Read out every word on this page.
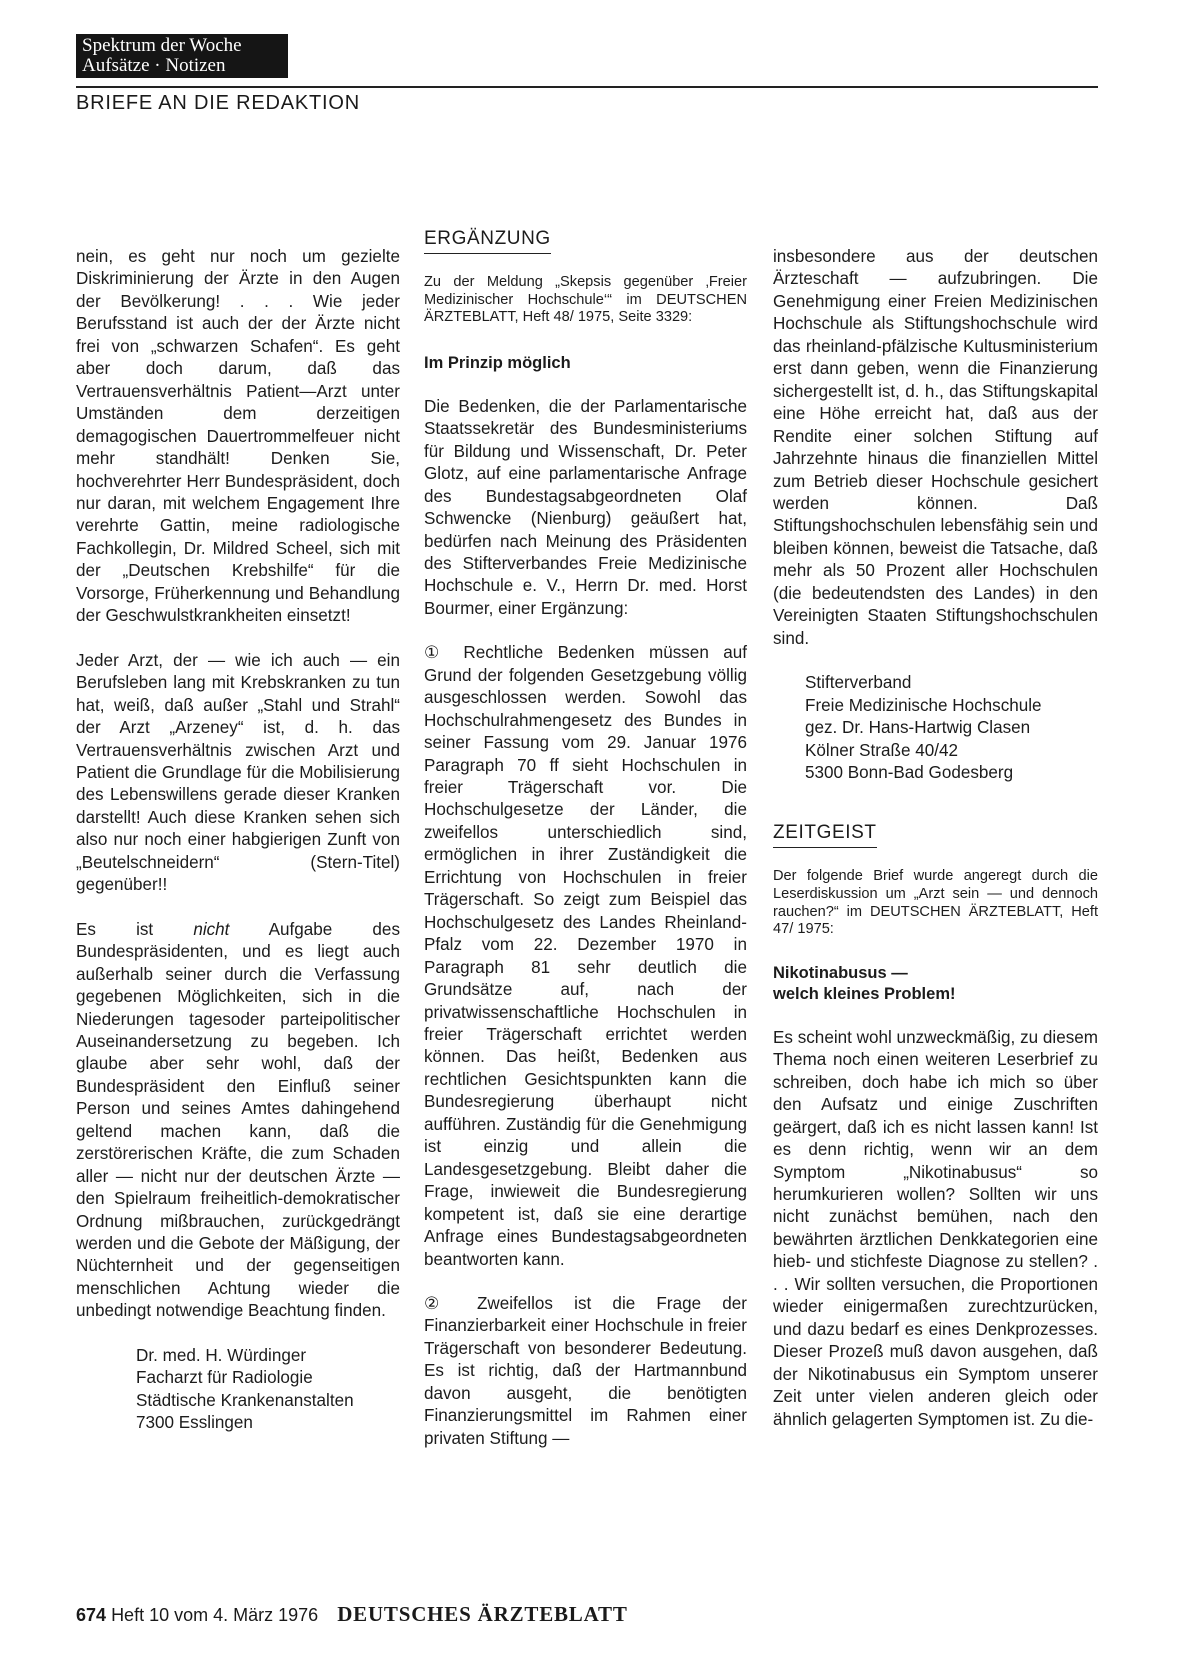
Spektrum der Woche
Aufsätze · Notizen
BRIEFE AN DIE REDAKTION

nein, es geht nur noch um gezielte Diskriminierung der Ärzte in den Augen der Bevölkerung! . . . Wie jeder Berufsstand ist auch der der Ärzte nicht frei von „schwarzen Schafen“. Es geht aber doch darum, daß das Vertrauensverhältnis Patient—Arzt unter Umständen dem derzeitigen demagogischen Dauertrommelfeuer nicht mehr standhält! Denken Sie, hochverehrter Herr Bundespräsident, doch nur daran, mit welchem Engagement Ihre verehrte Gattin, meine radiologische Fachkollegin, Dr. Mildred Scheel, sich mit der „Deutschen Krebshilfe“ für die Vorsorge, Früherkennung und Behandlung der Geschwulstkrankheiten einsetzt!

Jeder Arzt, der — wie ich auch — ein Berufsleben lang mit Krebskranken zu tun hat, weiß, daß außer „Stahl und Strahl“ der Arzt „Arzeney“ ist, d. h. das Vertrauensverhältnis zwischen Arzt und Patient die Grundlage für die Mobilisierung des Lebenswillens gerade dieser Kranken darstellt! Auch diese Kranken sehen sich also nur noch einer habgierigen Zunft von „Beutelschneidern“ (Stern-Titel) gegenüber!!

Es ist nicht Aufgabe des Bundespräsidenten, und es liegt auch außerhalb seiner durch die Verfassung gegebenen Möglichkeiten, sich in die Niederungen tagesoder parteipolitischer Auseinandersetzung zu begeben. Ich glaube aber sehr wohl, daß der Bundespräsident den Einfluß seiner Person und seines Amtes dahingehend geltend machen kann, daß die zerstörerischen Kräfte, die zum Schaden aller — nicht nur der deutschen Ärzte — den Spielraum freiheitlich-demokratischer Ordnung mißbrauchen, zurückgedrängt werden und die Gebote der Mäßigung, der Nüchternheit und der gegenseitigen menschlichen Achtung wieder die unbedingt notwendige Beachtung finden.

Dr. med. H. Würdinger
Facharzt für Radiologie
Städtische Krankenanstalten
7300 Esslingen

ERGÄNZUNG

Zu der Meldung „Skepsis gegenüber ‚Freier Medizinischer Hochschule‘“ im DEUTSCHEN ÄRZTEBLATT, Heft 48/ 1975, Seite 3329:

Im Prinzip möglich

Die Bedenken, die der Parlamentarische Staatssekretär des Bundesministeriums für Bildung und Wissenschaft, Dr. Peter Glotz, auf eine parlamentarische Anfrage des Bundestagsabgeordneten Olaf Schwencke (Nienburg) geäußert hat, bedürfen nach Meinung des Präsidenten des Stifterverbandes Freie Medizinische Hochschule e. V., Herrn Dr. med. Horst Bourmer, einer Ergänzung:

① Rechtliche Bedenken müssen auf Grund der folgenden Gesetzgebung völlig ausgeschlossen werden. Sowohl das Hochschulrahmengesetz des Bundes in seiner Fassung vom 29. Januar 1976 Paragraph 70 ff sieht Hochschulen in freier Trägerschaft vor. Die Hochschulgesetze der Länder, die zweifellos unterschiedlich sind, ermöglichen in ihrer Zuständigkeit die Errichtung von Hochschulen in freier Trägerschaft. So zeigt zum Beispiel das Hochschulgesetz des Landes Rheinland-Pfalz vom 22. Dezember 1970 in Paragraph 81 sehr deutlich die Grundsätze auf, nach der privatwissenschaftliche Hochschulen in freier Trägerschaft errichtet werden können. Das heißt, Bedenken aus rechtlichen Gesichtspunkten kann die Bundesregierung überhaupt nicht aufführen. Zuständig für die Genehmigung ist einzig und allein die Landesgesetzgebung. Bleibt daher die Frage, inwieweit die Bundesregierung kompetent ist, daß sie eine derartige Anfrage eines Bundestagsabgeordneten beantworten kann.

② Zweifellos ist die Frage der Finanzierbarkeit einer Hochschule in freier Trägerschaft von besonderer Bedeutung. Es ist richtig, daß der Hartmannbund davon ausgeht, die benötigten Finanzierungsmittel im Rahmen einer privaten Stiftung —

insbesondere aus der deutschen Ärzteschaft — aufzubringen. Die Genehmigung einer Freien Medizinischen Hochschule als Stiftungshochschule wird das rheinland-pfälzische Kultusministerium erst dann geben, wenn die Finanzierung sichergestellt ist, d. h., das Stiftungskapital eine Höhe erreicht hat, daß aus der Rendite einer solchen Stiftung auf Jahrzehnte hinaus die finanziellen Mittel zum Betrieb dieser Hochschule gesichert werden können. Daß Stiftungshochschulen lebensfähig sein und bleiben können, beweist die Tatsache, daß mehr als 50 Prozent aller Hochschulen (die bedeutendsten des Landes) in den Vereinigten Staaten Stiftungshochschulen sind.

Stifterverband
Freie Medizinische Hochschule
gez. Dr. Hans-Hartwig Clasen
Kölner Straße 40/42
5300 Bonn-Bad Godesberg

ZEITGEIST

Der folgende Brief wurde angeregt durch die Leserdiskussion um „Arzt sein — und dennoch rauchen?“ im DEUTSCHEN ÄRZTEBLATT, Heft 47/ 1975:

Nikotinabusus —
welch kleines Problem!

Es scheint wohl unzweckmäßig, zu diesem Thema noch einen weiteren Leserbrief zu schreiben, doch habe ich mich so über den Aufsatz und einige Zuschriften geärgert, daß ich es nicht lassen kann! Ist es denn richtig, wenn wir an dem Symptom „Nikotinabusus“ so herumkurieren wollen? Sollten wir uns nicht zunächst bemühen, nach den bewährten ärztlichen Denkkategorien eine hieb- und stichfeste Diagnose zu stellen? . . . Wir sollten versuchen, die Proportionen wieder einigermaßen zurechtzurücken, und dazu bedarf es eines Denkprozesses. Dieser Prozeß muß davon ausgehen, daß der Nikotinabusus ein Symptom unserer Zeit unter vielen anderen gleich oder ähnlich gelagerten Symptomen ist. Zu die-

674 Heft 10 vom 4. März 1976 DEUTSCHES ÄRZTEBLATT
